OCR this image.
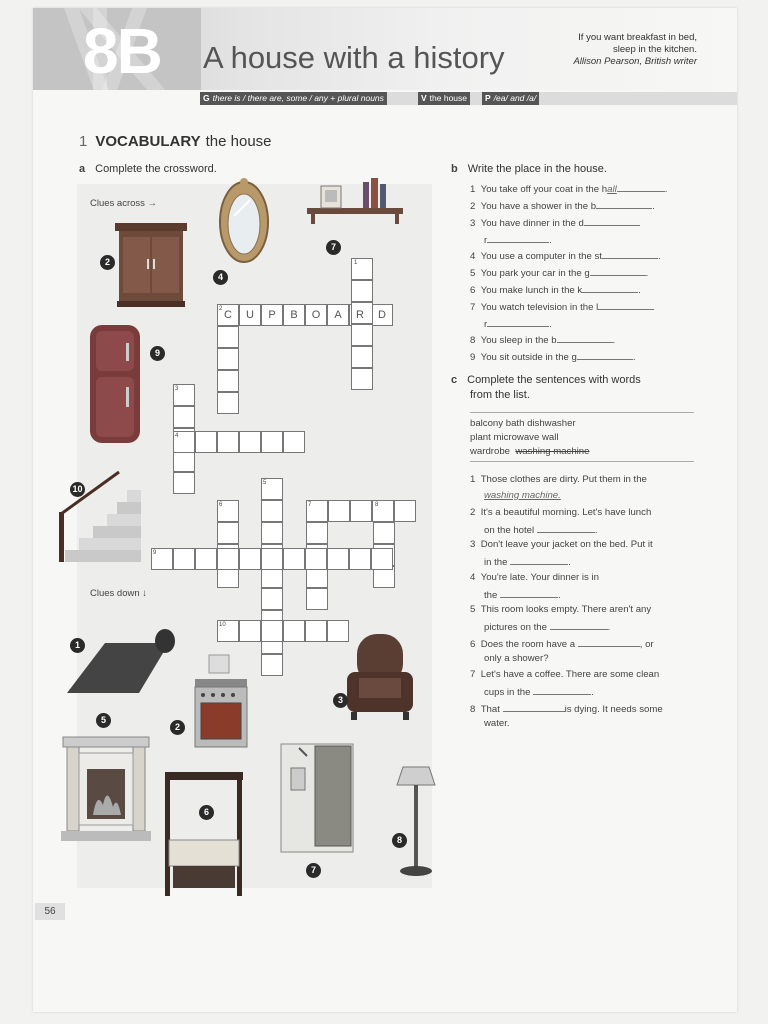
8B A house with a history
If you want breakfast in bed,
sleep in the kitchen.
Allison Pearson, British writer
G there is / there are, some / any + plural nouns	V the house	P /ea/ and /a/
1 VOCABULARY the house
a Complete the crossword.
Clues across →
Clues down ↓
1
2
3
4
5
6	7	8
9
10
C	U	P	B	O	A	R	D
2
4
7
9
10
1
2
3
5
6
8
7
b Write the place in the house.
1 You take off your coat in the hall	.
2 You have a shower in the b	.
3 You have dinner in the d
r	.
4 You use a computer in the st	.
5 You park your car in the g	.
6 You make lunch in the k	.
7 You watch television in the l
r	.
8 You sleep in the b	.
9 You sit outside in the g	.
c Complete the sentences with words
from the list.
balcony bath dishwasher
plant microwave wall
wardrobe washing machine
1 Those clothes are dirty. Put them in the
washing machine.
2 It's a beautiful morning. Let's have lunch
on the hotel	.
3 Don't leave your jacket on the bed. Put it
in the	.
4 You're late. Your dinner is in
the	.
5 This room looks empty. There aren't any
pictures on the	.
6 Does the room have a	, or
only a shower?
7 Let's have a coffee. There are some clean
cups in the	.
8 That	is dying. It needs some
water.
56
